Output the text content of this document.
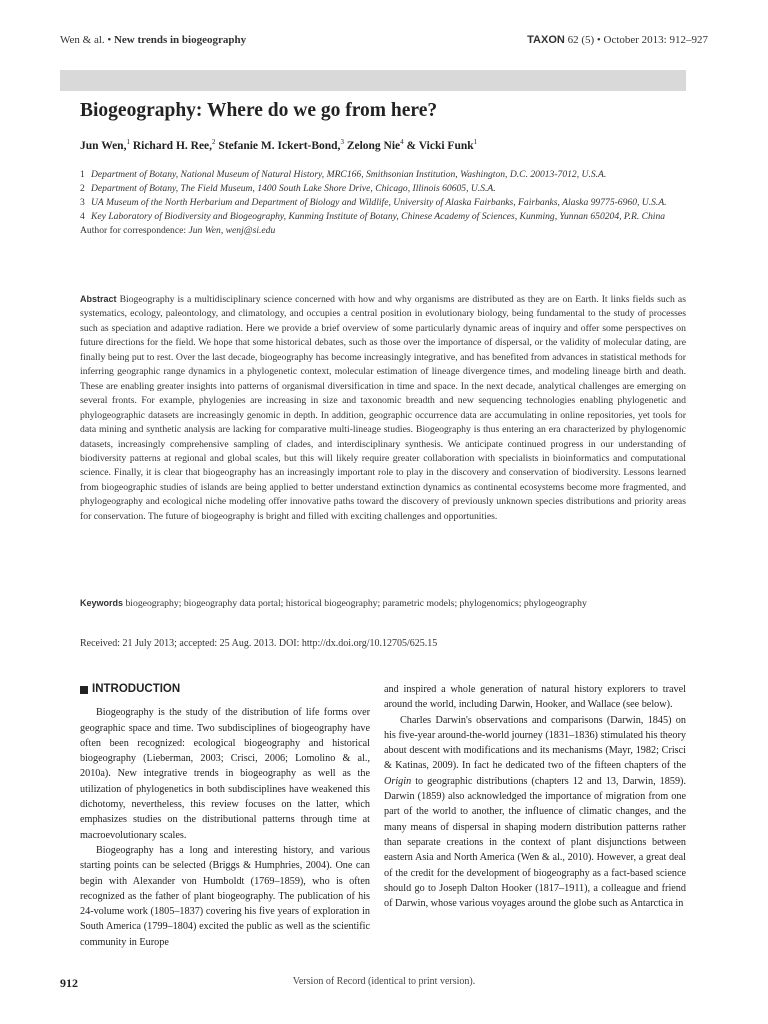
Wen & al. • New trends in biogeography	TAXON 62 (5) • October 2013: 912–927
Biogeography: Where do we go from here?
Jun Wen,$^1$ Richard H. Ree,$^2$ Stefanie M. Ickert-Bond,$^3$ Zelong Nie$^4$ & Vicki Funk$^1$
1 Department of Botany, National Museum of Natural History, MRC166, Smithsonian Institution, Washington, D.C. 20013-7012, U.S.A.
2 Department of Botany, The Field Museum, 1400 South Lake Shore Drive, Chicago, Illinois 60605, U.S.A.
3 UA Museum of the North Herbarium and Department of Biology and Wildlife, University of Alaska Fairbanks, Fairbanks, Alaska 99775-6960, U.S.A.
4 Key Laboratory of Biodiversity and Biogeography, Kunming Institute of Botany, Chinese Academy of Sciences, Kunming, Yunnan 650204, P.R. China
Author for correspondence: Jun Wen, wenj@si.edu
Abstract Biogeography is a multidisciplinary science concerned with how and why organisms are distributed as they are on Earth. It links fields such as systematics, ecology, paleontology, and climatology, and occupies a central position in evolutionary biology, being fundamental to the study of processes such as speciation and adaptive radiation. Here we provide a brief overview of some particularly dynamic areas of inquiry and offer some perspectives on future directions for the field. We hope that some historical debates, such as those over the importance of dispersal, or the validity of molecular dating, are finally being put to rest. Over the last decade, biogeography has become increasingly integrative, and has benefited from advances in statistical methods for inferring geographic range dynamics in a phylogenetic context, molecular estimation of lineage divergence times, and modeling lineage birth and death. These are enabling greater insights into patterns of organismal diversification in time and space. In the next decade, analytical challenges are emerging on several fronts. For example, phylogenies are increasing in size and taxonomic breadth and new sequencing technologies enabling phylogenetic and phylogeographic datasets are increasingly genomic in depth. In addition, geographic occurrence data are accumulating in online repositories, yet tools for data mining and synthetic analysis are lacking for comparative multi-lineage studies. Biogeography is thus entering an era characterized by phylogenomic datasets, increasingly comprehensive sampling of clades, and interdisciplinary synthesis. We anticipate continued progress in our understanding of biodiversity patterns at regional and global scales, but this will likely require greater collaboration with specialists in bioinformatics and computational science. Finally, it is clear that biogeography has an increasingly important role to play in the discovery and conservation of biodiversity. Lessons learned from biogeographic studies of islands are being applied to better understand extinction dynamics as continental ecosystems become more fragmented, and phylogeography and ecological niche modeling offer innovative paths toward the discovery of previously unknown species distributions and priority areas for conservation. The future of biogeography is bright and filled with exciting challenges and opportunities.
Keywords biogeography; biogeography data portal; historical biogeography; parametric models; phylogenomics; phylogeography
Received: 21 July 2013; accepted: 25 Aug. 2013. DOI: http://dx.doi.org/10.12705/625.15
INTRODUCTION

Biogeography is the study of the distribution of life forms over geographic space and time. Two subdisciplines of biogeography have often been recognized: ecological biogeography and historical biogeography (Lieberman, 2003; Crisci, 2006; Lomolino & al., 2010a). New integrative trends in biogeography as well as the utilization of phylogenetics in both subdisciplines have weakened this dichotomy, nevertheless, this review focuses on the latter, which emphasizes studies on the distributional patterns through time at macroevolutionary scales.

Biogeography has a long and interesting history, and various starting points can be selected (Briggs & Humphries, 2004). One can begin with Alexander von Humboldt (1769–1859), who is often recognized as the father of plant biogeography. The publication of his 24-volume work (1805–1837) covering his five years of exploration in South America (1799–1804) excited the public as well as the scientific community in Europe

and inspired a whole generation of natural history explorers to travel around the world, including Darwin, Hooker, and Wallace (see below).

Charles Darwin's observations and comparisons (Darwin, 1845) on his five-year around-the-world journey (1831–1836) stimulated his theory about descent with modifications and its mechanisms (Mayr, 1982; Crisci & Katinas, 2009). In fact he dedicated two of the fifteen chapters of the Origin to geographic distributions (chapters 12 and 13, Darwin, 1859). Darwin (1859) also acknowledged the importance of migration from one part of the world to another, the influence of climatic changes, and the many means of dispersal in shaping modern distribution patterns rather than separate creations in the context of plant disjunctions between eastern Asia and North America (Wen & al., 2010). However, a great deal of the credit for the development of biogeography as a fact-based science should go to Joseph Dalton Hooker (1817–1911), a colleague and friend of Darwin, whose various voyages around the globe such as Antarctica in

Version of Record (identical to print version).
912
